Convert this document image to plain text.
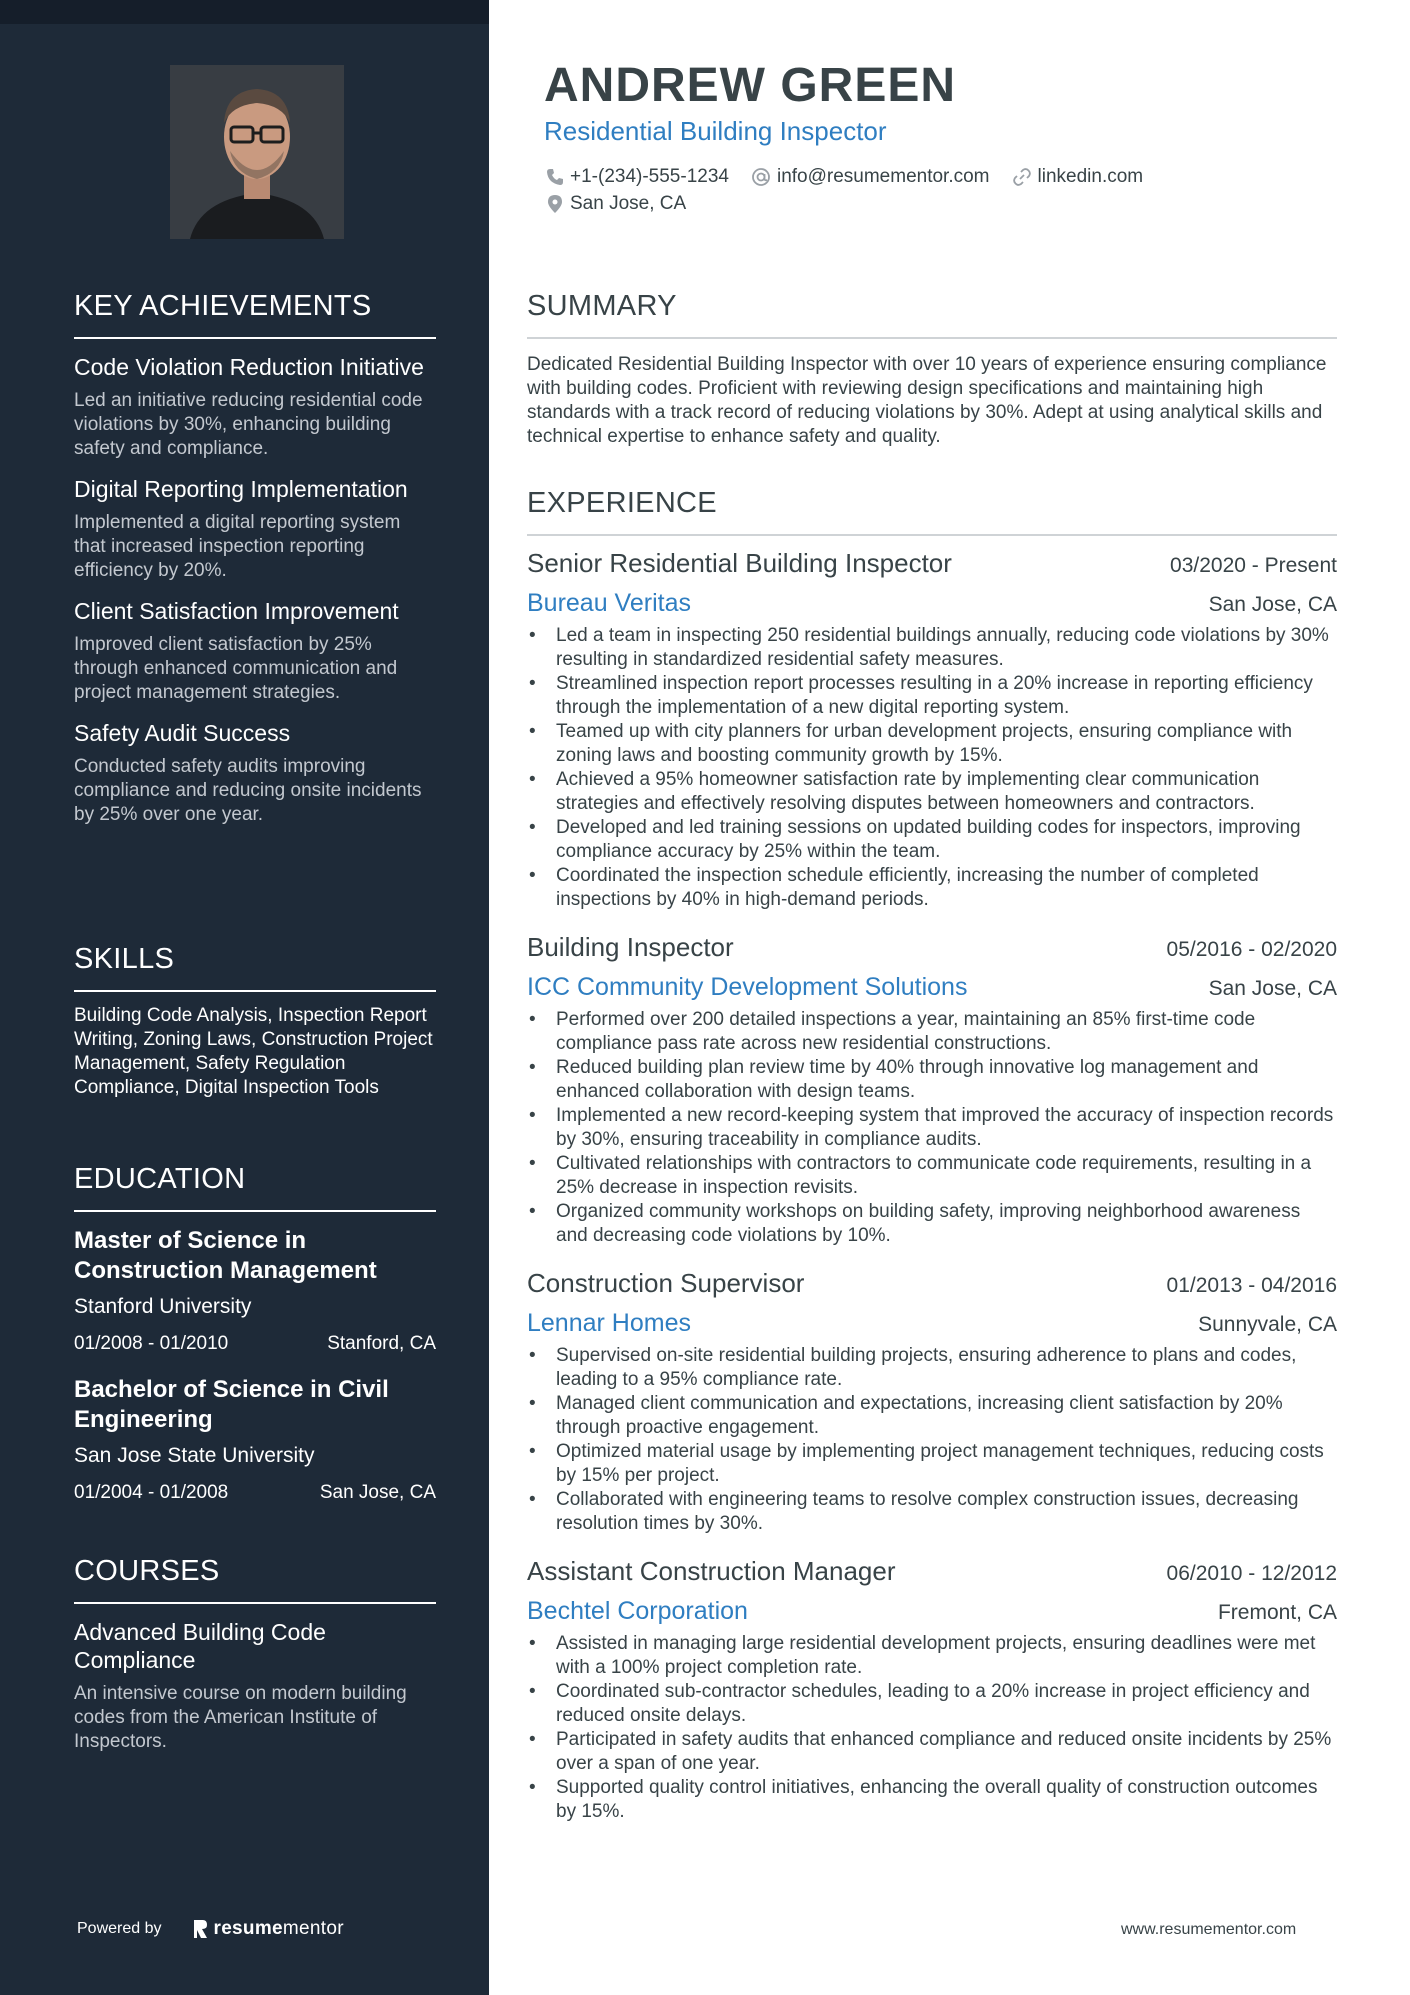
KEY ACHIEVEMENTS
Code Violation Reduction Initiative
Led an initiative reducing residential code violations by 30%, enhancing building safety and compliance.
Digital Reporting Implementation
Implemented a digital reporting system that increased inspection reporting efficiency by 20%.
Client Satisfaction Improvement
Improved client satisfaction by 25% through enhanced communication and project management strategies.
Safety Audit Success
Conducted safety audits improving compliance and reducing onsite incidents by 25% over one year.
SKILLS
Building Code Analysis, Inspection Report Writing, Zoning Laws, Construction Project Management, Safety Regulation Compliance, Digital Inspection Tools
EDUCATION
Master of Science in Construction Management
Stanford University
01/2008 - 01/2010	Stanford, CA
Bachelor of Science in Civil Engineering
San Jose State University
01/2004 - 01/2008	San Jose, CA
COURSES
Advanced Building Code Compliance
An intensive course on modern building codes from the American Institute of Inspectors.
Powered by	resume mentor
ANDREW GREEN
Residential Building Inspector
+1-(234)-555-1234	info@resumementor.com	linkedin.com
San Jose, CA
SUMMARY
Dedicated Residential Building Inspector with over 10 years of experience ensuring compliance with building codes. Proficient with reviewing design specifications and maintaining high standards with a track record of reducing violations by 30%. Adept at using analytical skills and technical expertise to enhance safety and quality.
EXPERIENCE
Senior Residential Building Inspector	03/2020 - Present
Bureau Veritas	San Jose, CA
• Led a team in inspecting 250 residential buildings annually, reducing code violations by 30% resulting in standardized residential safety measures.
• Streamlined inspection report processes resulting in a 20% increase in reporting efficiency through the implementation of a new digital reporting system.
• Teamed up with city planners for urban development projects, ensuring compliance with zoning laws and boosting community growth by 15%.
• Achieved a 95% homeowner satisfaction rate by implementing clear communication strategies and effectively resolving disputes between homeowners and contractors.
• Developed and led training sessions on updated building codes for inspectors, improving compliance accuracy by 25% within the team.
• Coordinated the inspection schedule efficiently, increasing the number of completed inspections by 40% in high-demand periods.
Building Inspector	05/2016 - 02/2020
ICC Community Development Solutions	San Jose, CA
• Performed over 200 detailed inspections a year, maintaining an 85% first-time code compliance pass rate across new residential constructions.
• Reduced building plan review time by 40% through innovative log management and enhanced collaboration with design teams.
• Implemented a new record-keeping system that improved the accuracy of inspection records by 30%, ensuring traceability in compliance audits.
• Cultivated relationships with contractors to communicate code requirements, resulting in a 25% decrease in inspection revisits.
• Organized community workshops on building safety, improving neighborhood awareness and decreasing code violations by 10%.
Construction Supervisor	01/2013 - 04/2016
Lennar Homes	Sunnyvale, CA
• Supervised on-site residential building projects, ensuring adherence to plans and codes, leading to a 95% compliance rate.
• Managed client communication and expectations, increasing client satisfaction by 20% through proactive engagement.
• Optimized material usage by implementing project management techniques, reducing costs by 15% per project.
• Collaborated with engineering teams to resolve complex construction issues, decreasing resolution times by 30%.
Assistant Construction Manager	06/2010 - 12/2012
Bechtel Corporation	Fremont, CA
• Assisted in managing large residential development projects, ensuring deadlines were met with a 100% project completion rate.
• Coordinated sub-contractor schedules, leading to a 20% increase in project efficiency and reduced onsite delays.
• Participated in safety audits that enhanced compliance and reduced onsite incidents by 25% over a span of one year.
• Supported quality control initiatives, enhancing the overall quality of construction outcomes by 15%.
www.resumementor.com
